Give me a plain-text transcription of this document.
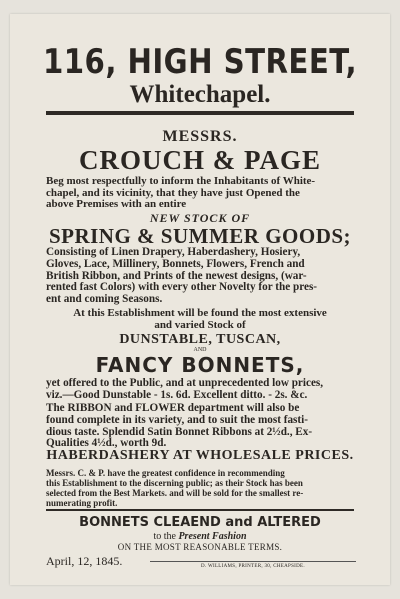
116, HIGH STREET,
Whitechapel.
MESSRS.
CROUCH & PAGE

Beg most respectfully to inform the Inhabitants of White-

chapel, and its vicinity, that they have just Opened the

above Premises with an entire

NEW STOCK OF
SPRING & SUMMER GOODS;

Consisting of Linen Drapery, Haberdashery, Hosiery,

Gloves, Lace, Millinery, Bonnets, Flowers, French and

British Ribbon, and Prints of the newest designs, (war-

rented fast Colors) with every other Novelty for the pres-

ent and coming Seasons.

At this Establishment will be found the most extensive
and varied Stock of
DUNSTABLE, TUSCAN,
AND
FANCY BONNETS,

yet offered to the Public, and at unprecedented low prices,

viz.—Good Dunstable - 1s. 6d. Excellent ditto. - 2s. &c.

The RIBBON and FLOWER department will also be

found complete in its variety, and to suit the most fasti-

dious taste. Splendid Satin Bonnet Ribbons at 2½d., Ex-

Qualities 4½d., worth 9d.

HABERDASHERY AT WHOLESALE PRICES.

Messrs. C. & P. have the greatest confidence in recommending

this Establishment to the discerning public; as their Stock has been

selected from the Best Markets. and will be sold for the smallest re-

numerating profit.

BONNETS CLEAEND and ALTERED
to the Present Fashion
ON THE MOST REASONABLE TERMS.
April, 12, 1845.	D. WILLIAMS, PRINTER, 30, CHEAPSIDE.
